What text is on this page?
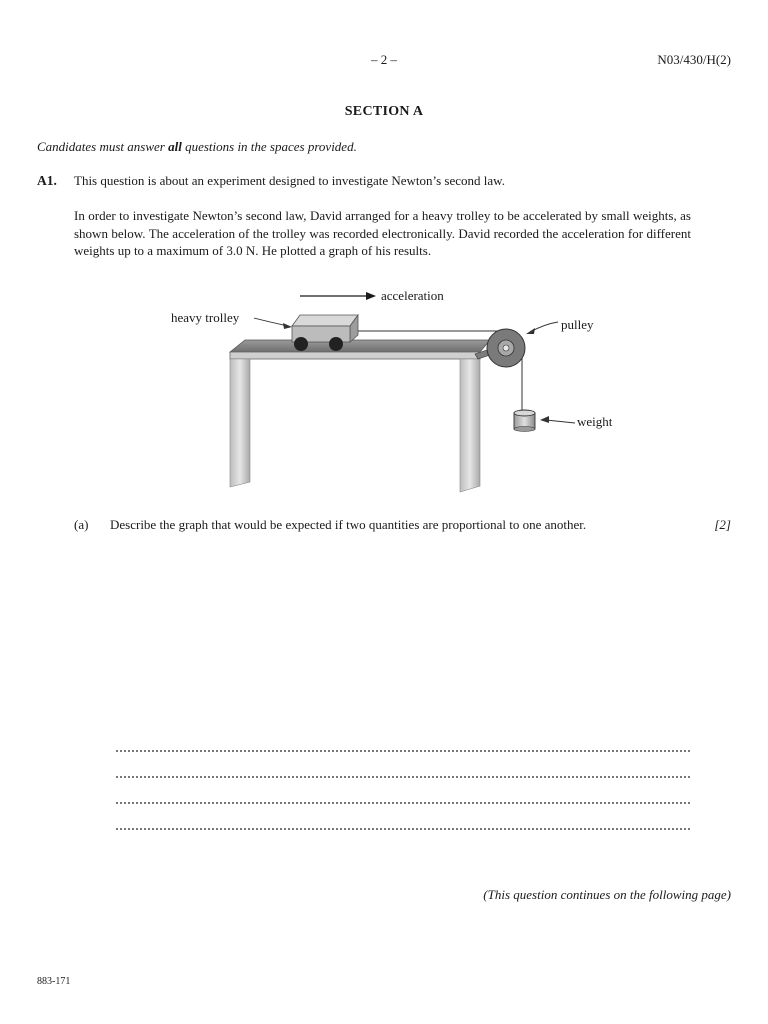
– 2 –	N03/430/H(2)
SECTION A
Candidates must answer all questions in the spaces provided.
A1. This question is about an experiment designed to investigate Newton’s second law.
In order to investigate Newton’s second law, David arranged for a heavy trolley to be accelerated by small weights, as shown below. The acceleration of the trolley was recorded electronically. David recorded the acceleration for different weights up to a maximum of 3.0 N. He plotted a graph of his results.
acceleration
heavy trolley	pulley
weight
(a) Describe the graph that would be expected if two quantities are proportional to one another.	[2]
(This question continues on the following page)
883-171
